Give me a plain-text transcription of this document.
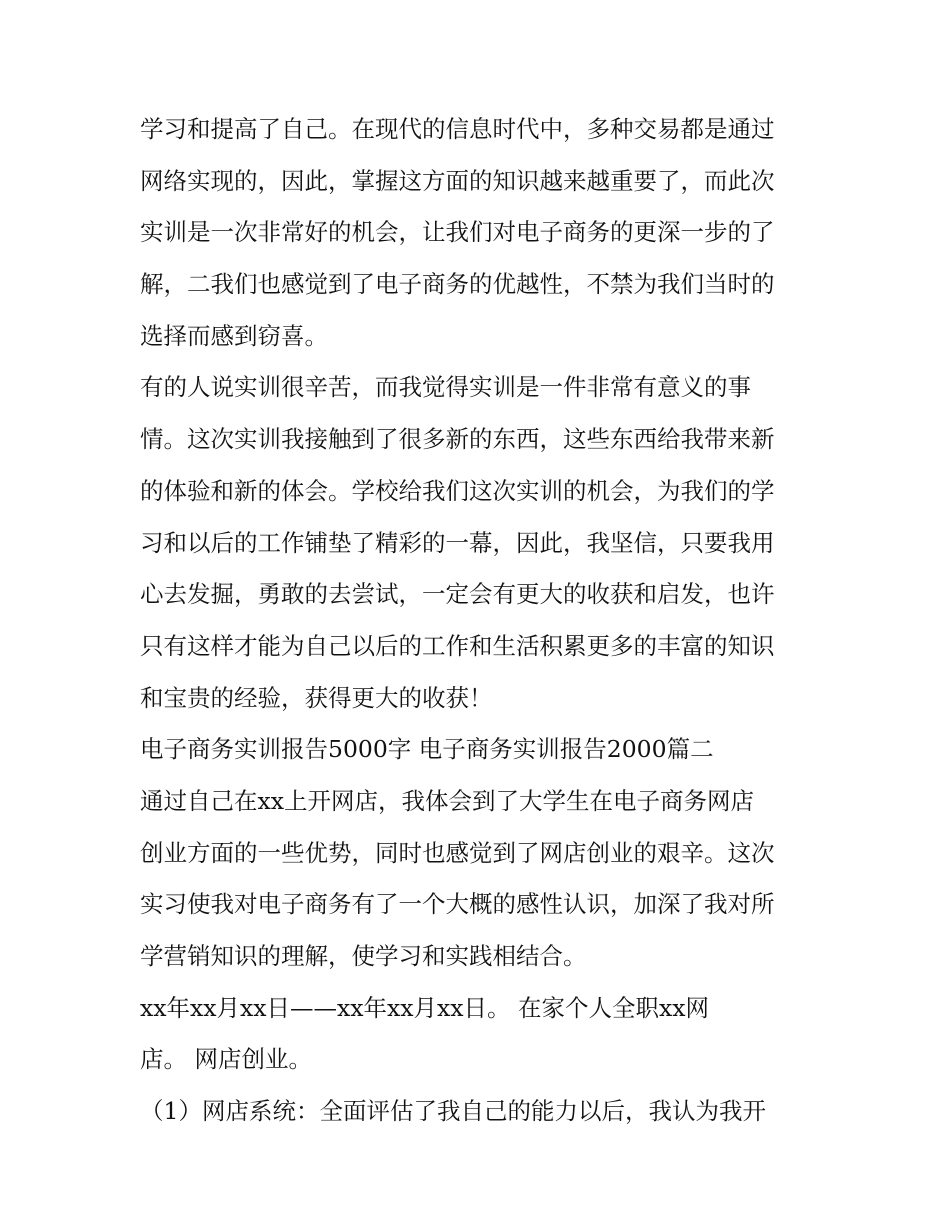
学习和提高了自己。在现代的信息时代中，多种交易都是通过
网络实现的，因此，掌握这方面的知识越来越重要了，而此次
实训是一次非常好的机会，让我们对电子商务的更深一步的了
解，二我们也感觉到了电子商务的优越性，不禁为我们当时的
选择而感到窃喜。
有的人说实训很辛苦，而我觉得实训是一件非常有意义的事
情。这次实训我接触到了很多新的东西，这些东西给我带来新
的体验和新的体会。学校给我们这次实训的机会，为我们的学
习和以后的工作铺垫了精彩的一幕，因此，我坚信，只要我用
心去发掘，勇敢的去尝试，一定会有更大的收获和启发，也许
只有这样才能为自己以后的工作和生活积累更多的丰富的知识
和宝贵的经验，获得更大的收获！
电子商务实训报告5000字 电子商务实训报告2000篇二
通过自己在xx上开网店，我体会到了大学生在电子商务网店
创业方面的一些优势，同时也感觉到了网店创业的艰辛。这次
实习使我对电子商务有了一个大概的感性认识，加深了我对所
学营销知识的理解，使学习和实践相结合。
xx年xx月xx日——xx年xx月xx日。 在家个人全职xx网
店。 网店创业。
（1）网店系统：全面评估了我自己的能力以后，我认为我开
